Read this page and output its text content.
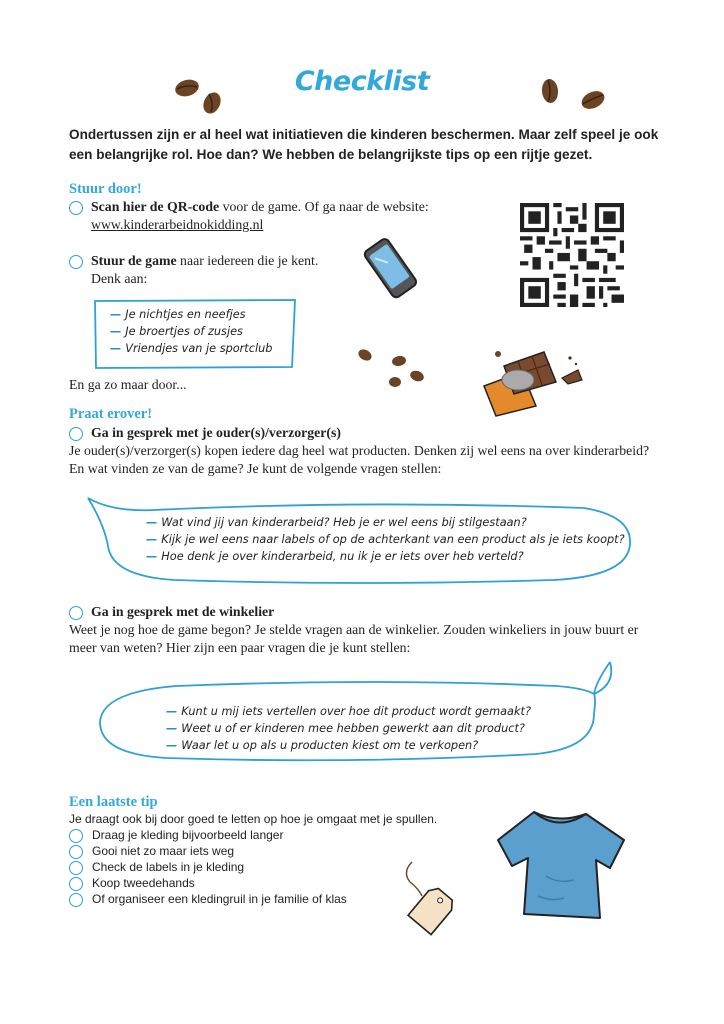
Checklist
Ondertussen zijn er al heel wat initiatieven die kinderen beschermen. Maar zelf speel je ook een belangrijke rol. Hoe dan? We hebben de belangrijkste tips op een rijtje gezet.
Stuur door!
Scan hier de QR-code voor de game. Of ga naar de website:
www.kinderarbeidnokidding.nl
Stuur de game naar iedereen die je kent.
Denk aan:
— Je nichtjes en neefjes
— Je broertjes of zusjes
— Vriendjes van je sportclub
En ga zo maar door...
Praat erover!
Ga in gesprek met je ouder(s)/verzorger(s)
Je ouder(s)/verzorger(s) kopen iedere dag heel wat producten. Denken zij wel eens na over kinderarbeid? En wat vinden ze van de game? Je kunt de volgende vragen stellen:
— Wat vind jij van kinderarbeid? Heb je er wel eens bij stilgestaan?
— Kijk je wel eens naar labels of op de achterkant van een product als je iets koopt?
— Hoe denk je over kinderarbeid, nu ik je er iets over heb verteld?
Ga in gesprek met de winkelier
Weet je nog hoe de game begon? Je stelde vragen aan de winkelier. Zouden winkeliers in jouw buurt er meer van weten? Hier zijn een paar vragen die je kunt stellen:
— Kunt u mij iets vertellen over hoe dit product wordt gemaakt?
— Weet u of er kinderen mee hebben gewerkt aan dit product?
— Waar let u op als u producten kiest om te verkopen?
Een laatste tip
Je draagt ook bij door goed te letten op hoe je omgaat met je spullen.
Draag je kleding bijvoorbeeld langer
Gooi niet zo maar iets weg
Check de labels in je kleding
Koop tweedehands
Of organiseer een kledingruil in je familie of klas
